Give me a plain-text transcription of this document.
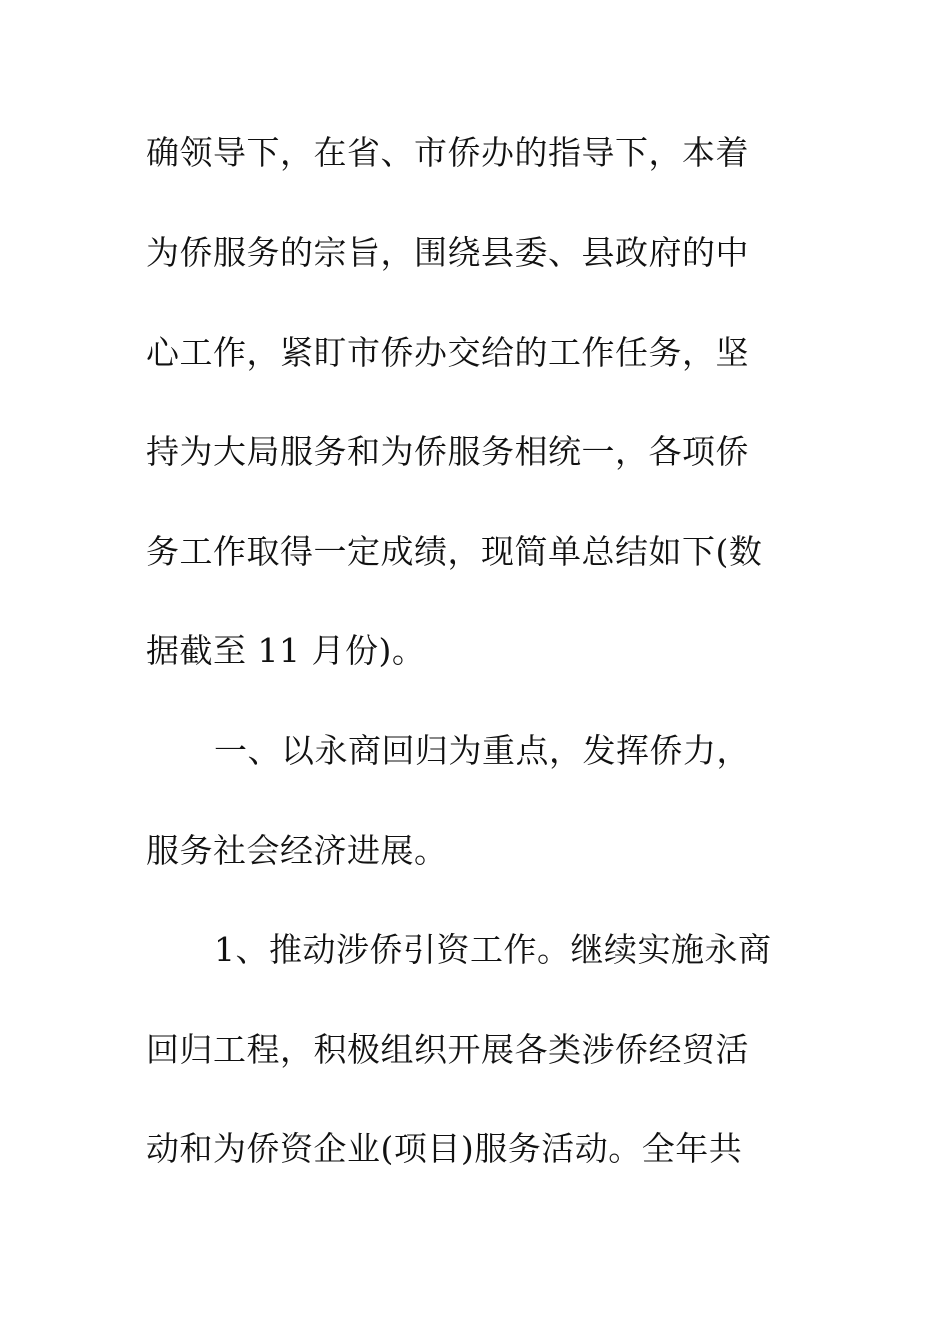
确领导下，在省、市侨办的指导下，本着
为侨服务的宗旨，围绕县委、县政府的中
心工作，紧盯市侨办交给的工作任务，坚
持为大局服务和为侨服务相统一，各项侨
务工作取得一定成绩，现简单总结如下(数
据截至 11 月份)。
一、以永商回归为重点，发挥侨力，
服务社会经济进展。
1、推动涉侨引资工作。继续实施永商
回归工程，积极组织开展各类涉侨经贸活
动和为侨资企业(项目)服务活动。全年共
